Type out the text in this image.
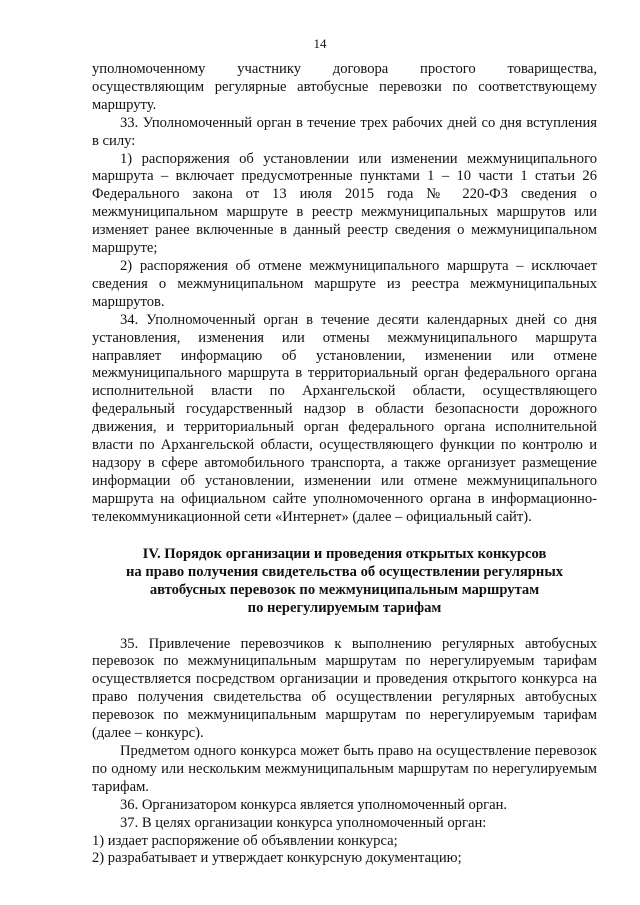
14

уполномоченному участнику договора простого товарищества, осуществляющим регулярные автобусные перевозки по соответствующему маршруту.

33. Уполномоченный орган в течение трех рабочих дней со дня вступления в силу:

1) распоряжения об установлении или изменении межмуниципального маршрута – включает предусмотренные пунктами 1 – 10 части 1 статьи 26 Федерального закона от 13 июля 2015 года № 220-ФЗ сведения о межмуниципальном маршруте в реестр межмуниципальных маршрутов или изменяет ранее включенные в данный реестр сведения о межмуниципальном маршруте;

2) распоряжения об отмене межмуниципального маршрута – исключает сведения о межмуниципальном маршруте из реестра межмуниципальных маршрутов.

34. Уполномоченный орган в течение десяти календарных дней со дня установления, изменения или отмены межмуниципального маршрута направляет информацию об установлении, изменении или отмене межмуниципального маршрута в территориальный орган федерального органа исполнительной власти по Архангельской области, осуществляющего федеральный государственный надзор в области безопасности дорожного движения, и территориальный орган федерального органа исполнительной власти по Архангельской области, осуществляющего функции по контролю и надзору в сфере автомобильного транспорта, а также организует размещение информации об установлении, изменении или отмене межмуниципального маршрута на официальном сайте уполномоченного органа в информационно-телекоммуникационной сети «Интернет» (далее – официальный сайт).

IV. Порядок организации и проведения открытых конкурсов
на право получения свидетельства об осуществлении регулярных
автобусных перевозок по межмуниципальным маршрутам
по нерегулируемым тарифам

35. Привлечение перевозчиков к выполнению регулярных автобусных перевозок по межмуниципальным маршрутам по нерегулируемым тарифам осуществляется посредством организации и проведения открытого конкурса на право получения свидетельства об осуществлении регулярных автобусных перевозок по межмуниципальным маршрутам по нерегулируемым тарифам (далее – конкурс).

Предметом одного конкурса может быть право на осуществление перевозок по одному или нескольким межмуниципальным маршрутам по нерегулируемым тарифам.

36. Организатором конкурса является уполномоченный орган.

37. В целях организации конкурса уполномоченный орган:

1) издает распоряжение об объявлении конкурса;

2) разрабатывает и утверждает конкурсную документацию;
